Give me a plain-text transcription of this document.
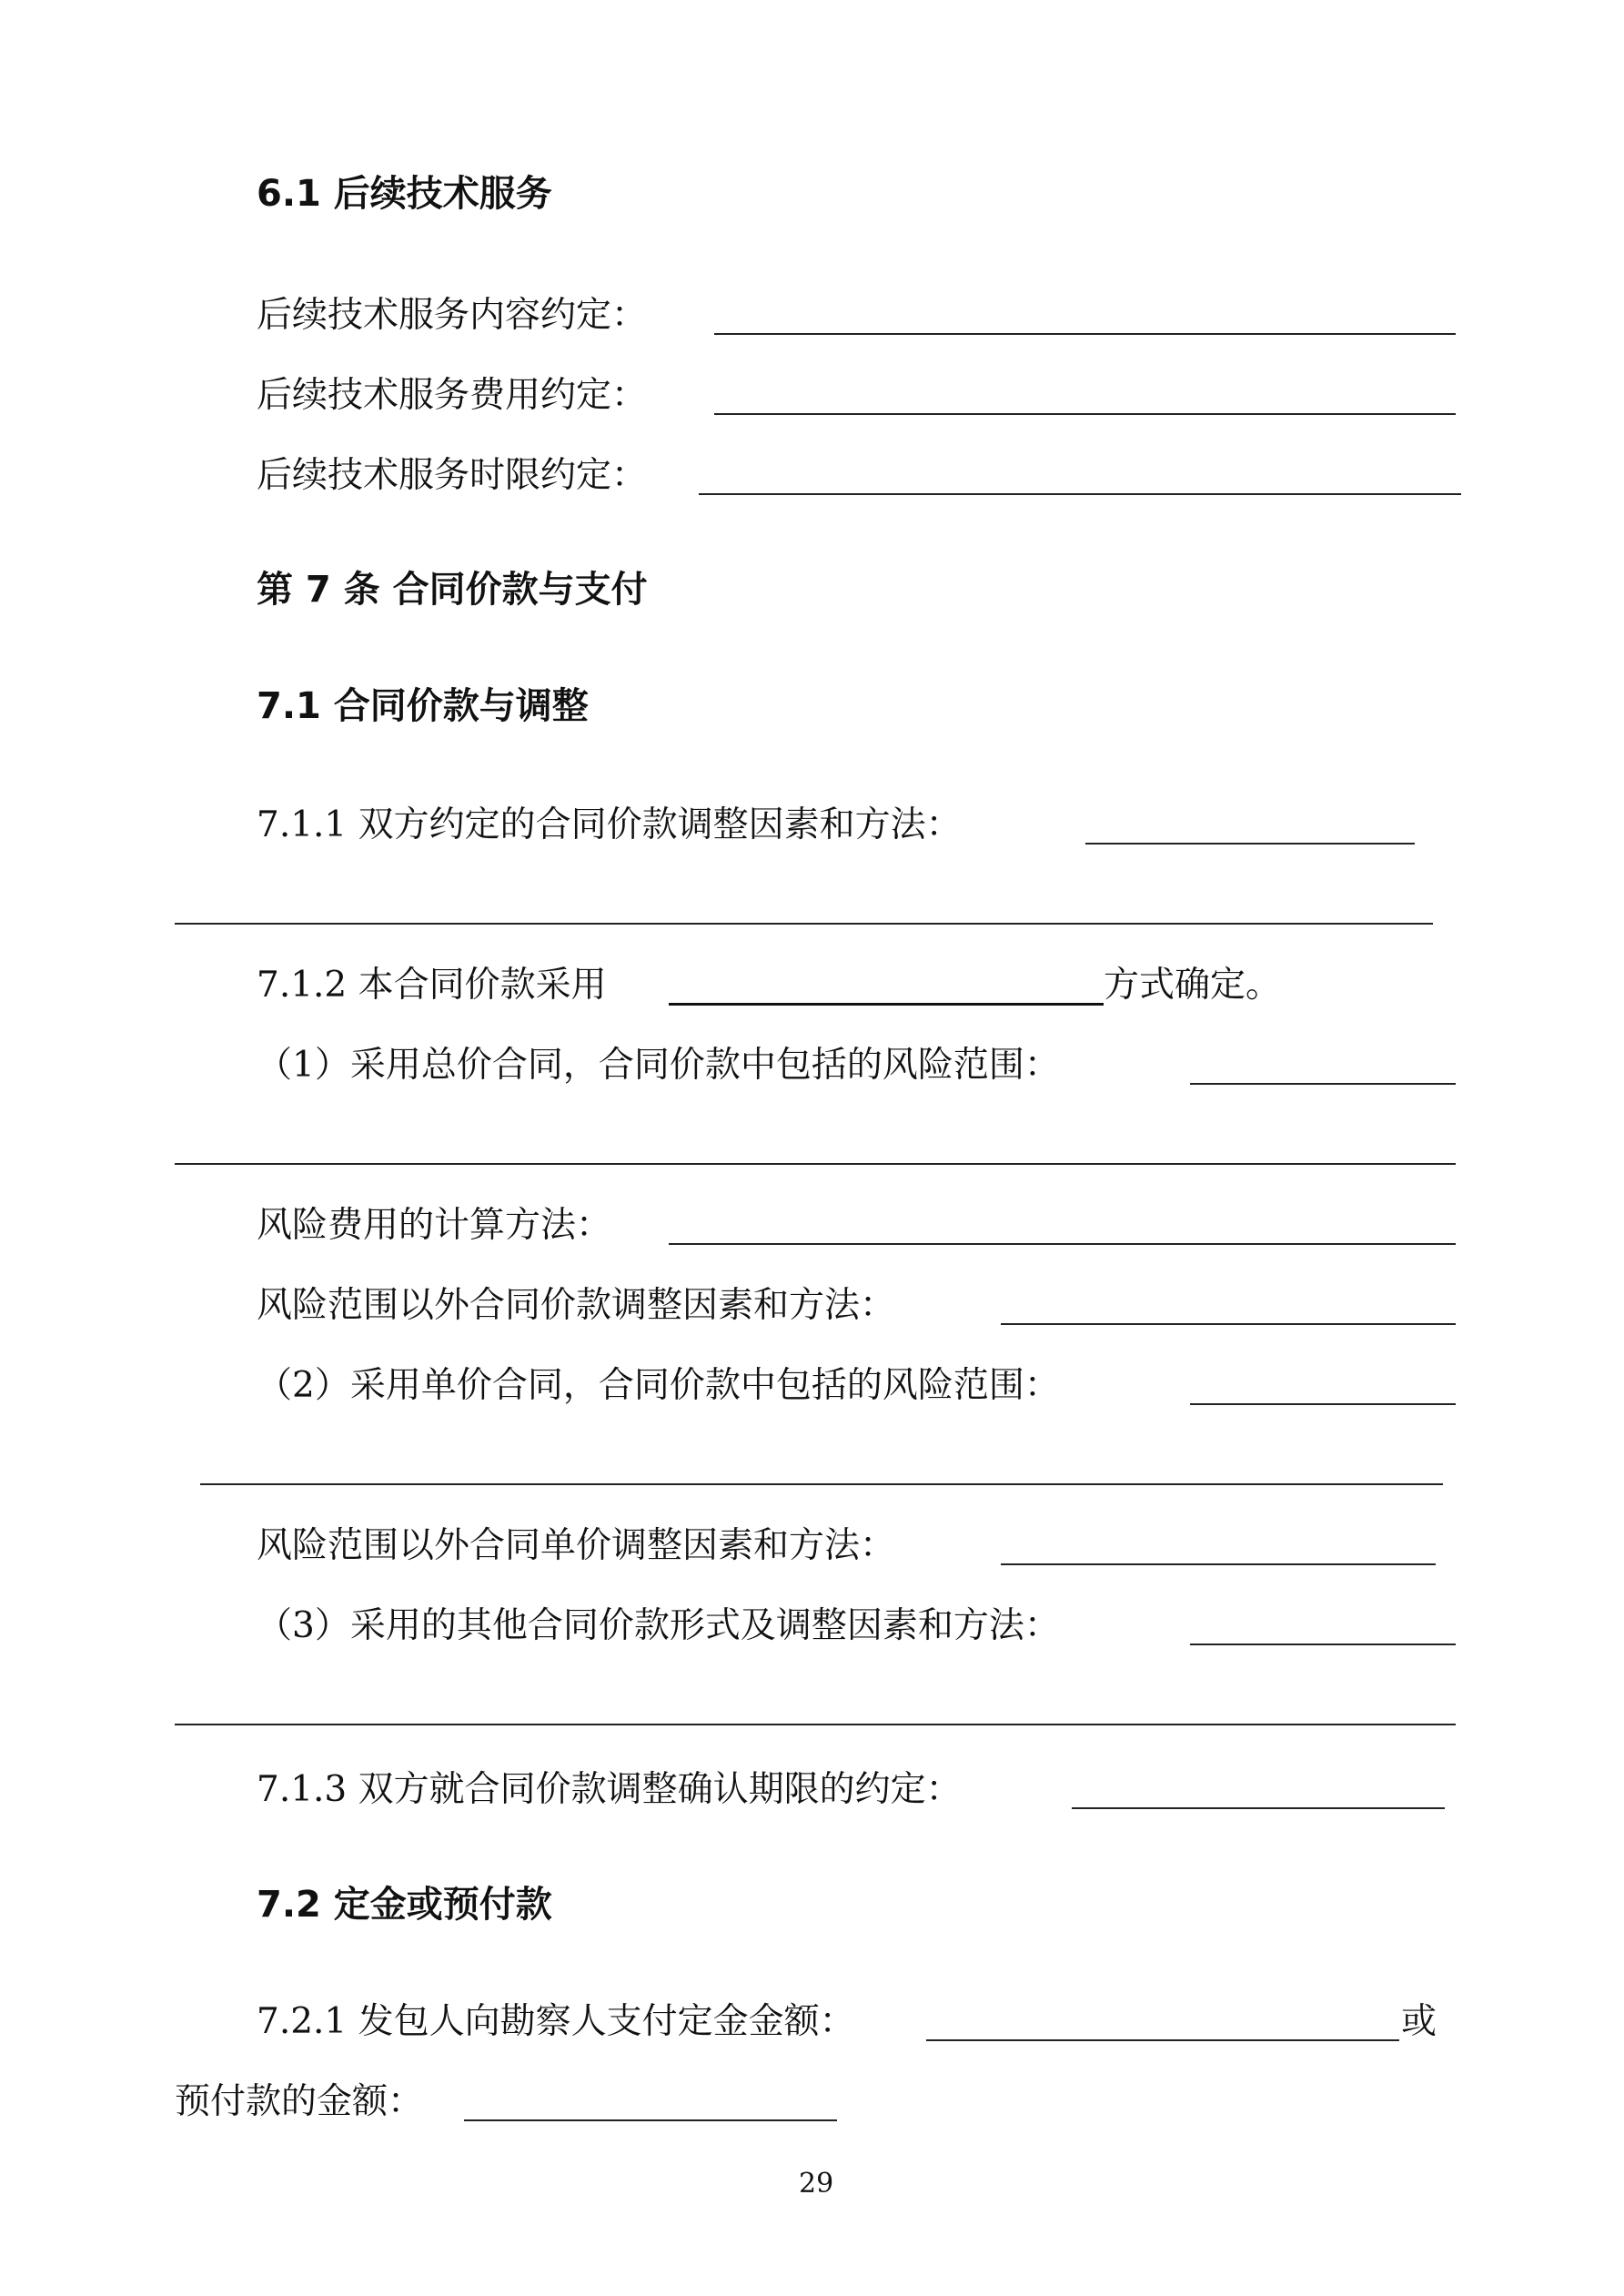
6.1 后续技术服务
后续技术服务内容约定：
后续技术服务费用约定：
后续技术服务时限约定：
第 7 条 合同价款与支付
7.1 合同价款与调整
7.1.1 双方约定的合同价款调整因素和方法：
7.1.2 本合同价款采用	方式确定。
（1）采用总价合同，合同价款中包括的风险范围：
风险费用的计算方法：
风险范围以外合同价款调整因素和方法：
（2）采用单价合同，合同价款中包括的风险范围：
风险范围以外合同单价调整因素和方法：
（3）采用的其他合同价款形式及调整因素和方法：
7.1.3 双方就合同价款调整确认期限的约定：
7.2 定金或预付款
7.2.1 发包人向勘察人支付定金金额：	或
预付款的金额：
29
